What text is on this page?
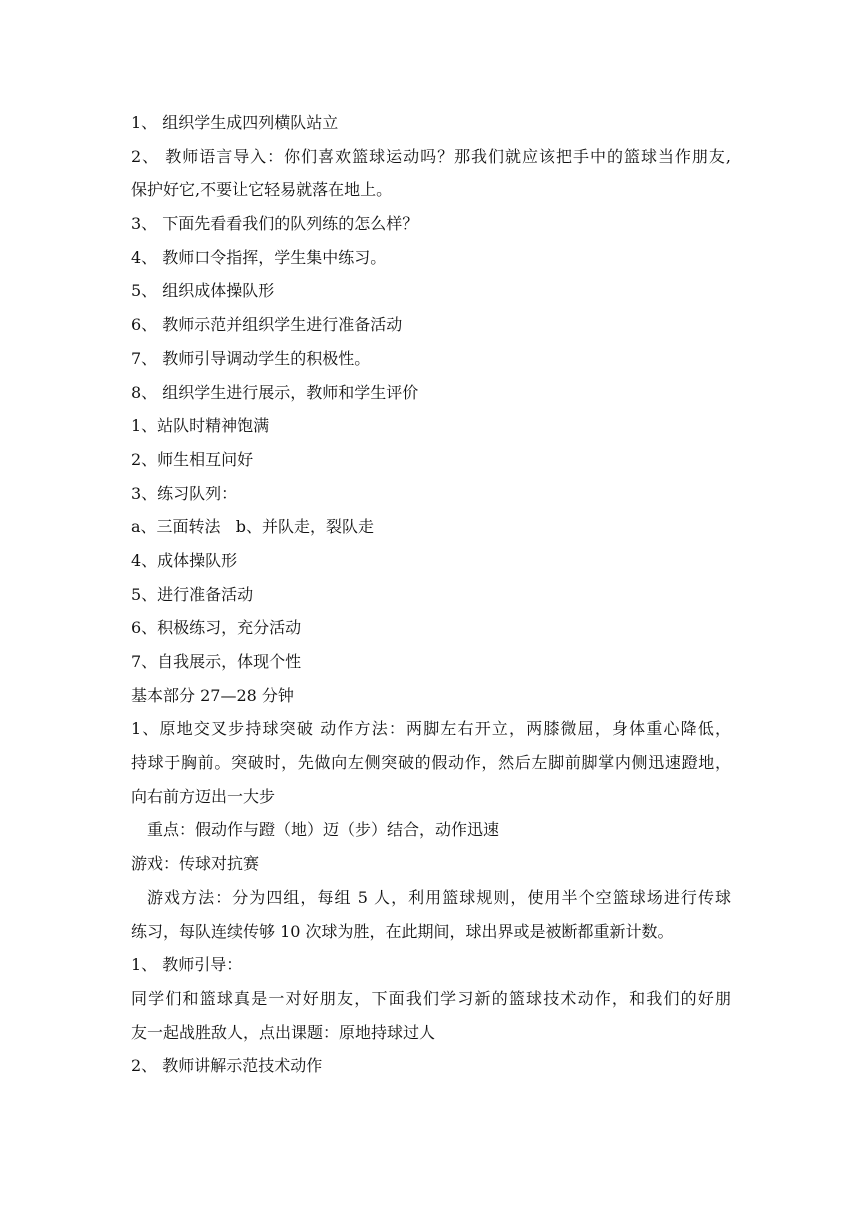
1、 组织学生成四列横队站立
2、 教师语言导入：你们喜欢篮球运动吗？那我们就应该把手中的篮球当作朋友,
保护好它,不要让它轻易就落在地上。
3、 下面先看看我们的队列练的怎么样？
4、 教师口令指挥，学生集中练习。
5、 组织成体操队形
6、 教师示范并组织学生进行准备活动
7、 教师引导调动学生的积极性。
8、 组织学生进行展示，教师和学生评价
1、站队时精神饱满
2、师生相互问好
3、练习队列：
a、三面转法   b、并队走，裂队走
4、成体操队形
5、进行准备活动
6、积极练习，充分活动
7、自我展示，体现个性
基本部分 27—28 分钟
1、原地交叉步持球突破 动作方法：两脚左右开立，两膝微屈，身体重心降低，
持球于胸前。突破时，先做向左侧突破的假动作，然后左脚前脚掌内侧迅速蹬地，
向右前方迈出一大步
重点：假动作与蹬（地）迈（步）结合，动作迅速
游戏：传球对抗赛
游戏方法：分为四组，每组 5 人，利用篮球规则，使用半个空篮球场进行传球
练习，每队连续传够 10 次球为胜，在此期间，球出界或是被断都重新计数。
1、 教师引导：
同学们和篮球真是一对好朋友，下面我们学习新的篮球技术动作，和我们的好朋
友一起战胜敌人，点出课题：原地持球过人
2、 教师讲解示范技术动作
